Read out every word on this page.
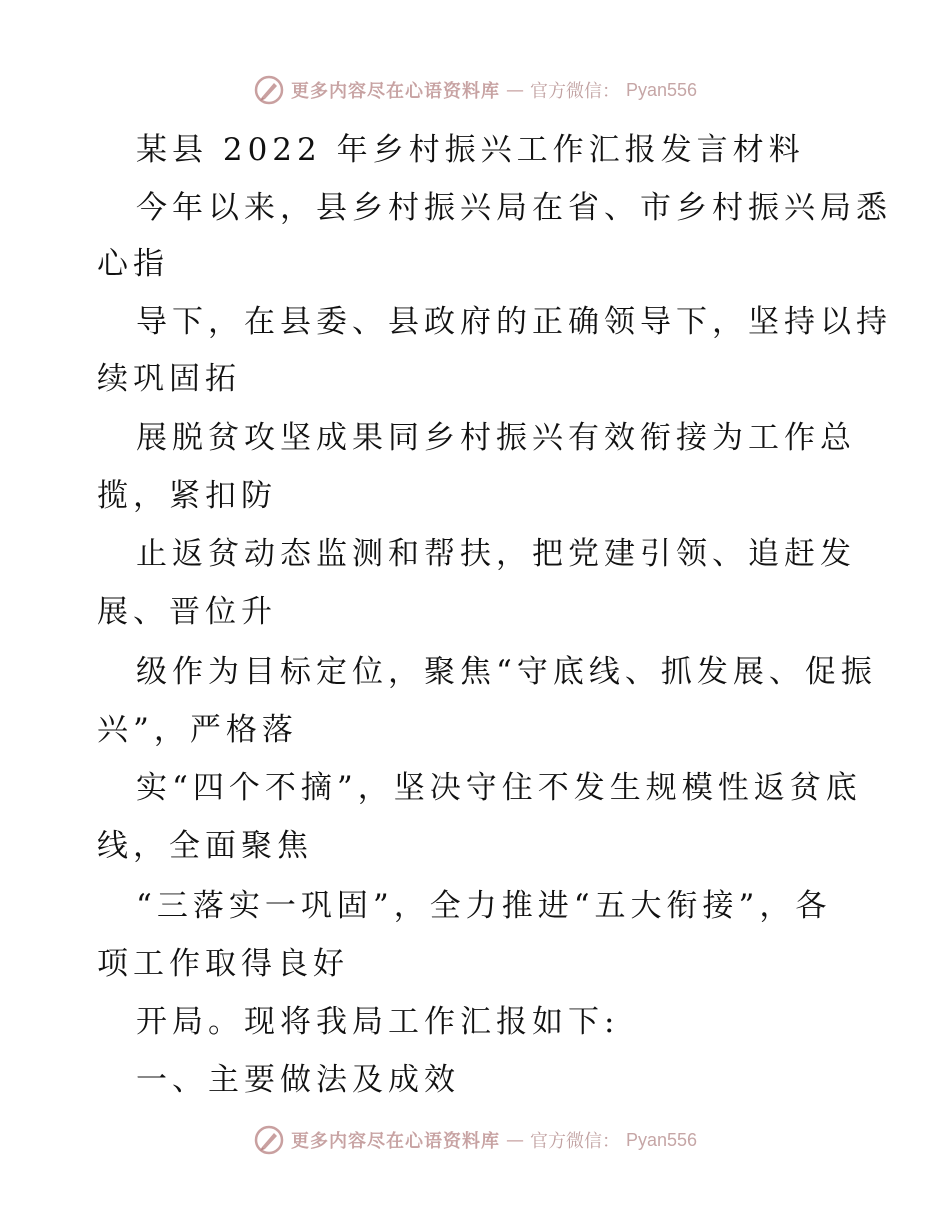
更多内容尽在心语资料库 — 官方微信： Pyan556
某县 2022 年乡村振兴工作汇报发言材料
今年以来，县乡村振兴局在省、市乡村振兴局悉
心指
导下，在县委、县政府的正确领导下，坚持以持
续巩固拓
展脱贫攻坚成果同乡村振兴有效衔接为工作总
揽，紧扣防
止返贫动态监测和帮扶，把党建引领、追赶发
展、晋位升
级作为目标定位，聚焦“守底线、抓发展、促振
兴”，严格落
实“四个不摘”，坚决守住不发生规模性返贫底
线，全面聚焦
“三落实一巩固”，全力推进“五大衔接”，各
项工作取得良好
开局。现将我局工作汇报如下:
一、主要做法及成效
更多内容尽在心语资料库 — 官方微信： Pyan556
